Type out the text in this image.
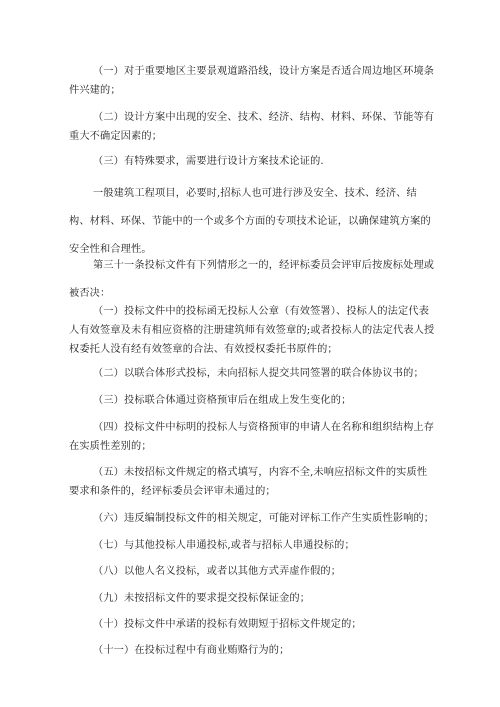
（一）对于重要地区主要景观道路沿线，设计方案是否适合周边地区环境条件兴建的；

（二）设计方案中出现的安全、技术、经济、结构、材料、环保、节能等有重大不确定因素的；

（三）有特殊要求，需要进行设计方案技术论证的.

一般建筑工程项目，必要时,招标人也可进行涉及安全、技术、经济、结构、材料、环保、节能中的一个或多个方面的专项技术论证，以确保建筑方案的安全性和合理性。

第三十一条投标文件有下列情形之一的，经评标委员会评审后按废标处理或被否决：

（一）投标文件中的投标函无投标人公章（有效签署）、投标人的法定代表人有效签章及未有相应资格的注册建筑师有效签章的;或者投标人的法定代表人授权委托人没有经有效签章的合法、有效授权委托书原件的；

（二）以联合体形式投标，未向招标人提交共同签署的联合体协议书的；

（三）投标联合体通过资格预审后在组成上发生变化的；

（四）投标文件中标明的投标人与资格预审的申请人在名称和组织结构上存在实质性差别的；

（五）未按招标文件规定的格式填写，内容不全,未响应招标文件的实质性要求和条件的，经评标委员会评审未通过的；

（六）违反编制投标文件的相关规定，可能对评标工作产生实质性影响的；

（七）与其他投标人串通投标,或者与招标人串通投标的；

（八）以他人名义投标，或者以其他方式弄虚作假的；

（九）未按招标文件的要求提交投标保证金的；

（十）投标文件中承诺的投标有效期短于招标文件规定的；

（十一）在投标过程中有商业贿赂行为的；
